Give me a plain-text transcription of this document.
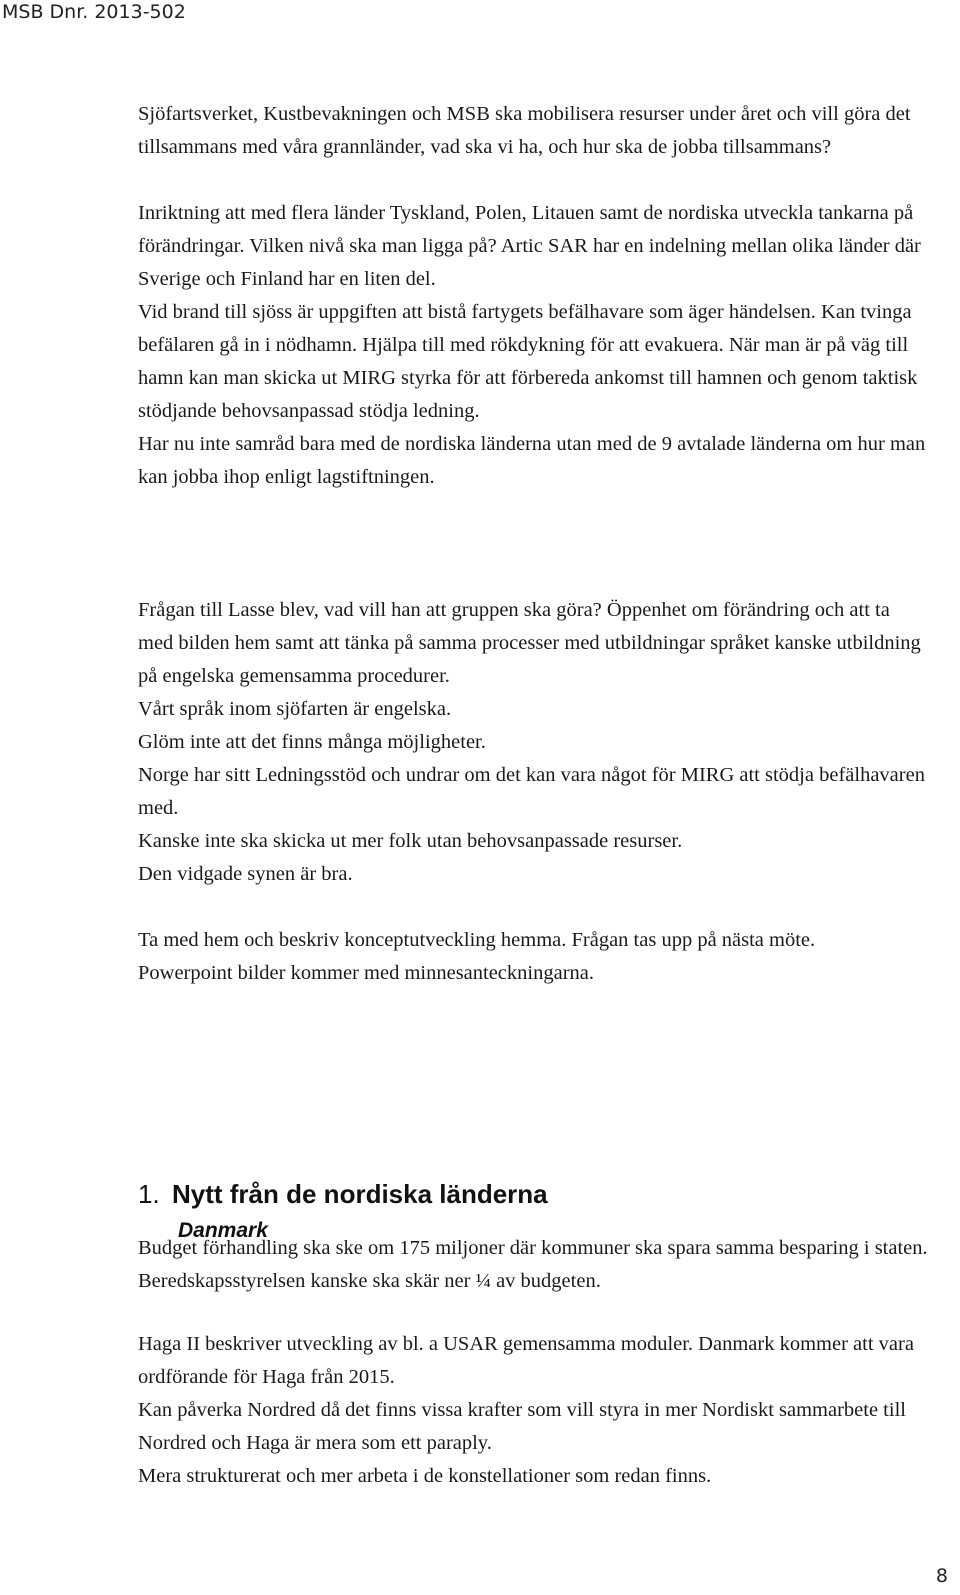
MSB Dnr. 2013-502

Sjöfartsverket, Kustbevakningen och MSB ska mobilisera resurser under året och vill göra det tillsammans med våra grannländer, vad ska vi ha, och hur ska de jobba tillsammans?

Inriktning att med flera länder Tyskland, Polen, Litauen samt de nordiska utveckla tankarna på förändringar. Vilken nivå ska man ligga på? Artic SAR har en indelning mellan olika länder där Sverige och Finland har en liten del.

Vid brand till sjöss är uppgiften att bistå fartygets befälhavare som äger händelsen. Kan tvinga befälaren gå in i nödhamn. Hjälpa till med rökdykning för att evakuera. När man är på väg till hamn kan man skicka ut MIRG styrka för att förbereda ankomst till hamnen och genom taktisk stödjande behovsanpassad stödja ledning.

Har nu inte samråd bara med de nordiska länderna utan med de 9 avtalade länderna om hur man kan jobba ihop enligt lagstiftningen.

Frågan till Lasse blev, vad vill han att gruppen ska göra? Öppenhet om förändring och att ta med bilden hem samt att tänka på samma processer med utbildningar språket kanske utbildning på engelska gemensamma procedurer.

Vårt språk inom sjöfarten är engelska.

Glöm inte att det finns många möjligheter.

Norge har sitt Ledningsstöd och undrar om det kan vara något för MIRG att stödja befälhavaren med.

Kanske inte ska skicka ut mer folk utan behovsanpassade resurser.

Den vidgade synen är bra.

Ta med hem och beskriv konceptutveckling hemma. Frågan tas upp på nästa möte.

Powerpoint bilder kommer med minnesanteckningarna.

1. Nytt från de nordiska länderna
Danmark

Budget förhandling ska ske om 175 miljoner där kommuner ska spara samma besparing i staten. Beredskapsstyrelsen kanske ska skär ner ¼ av budgeten.

Haga II beskriver utveckling av bl. a USAR gemensamma moduler. Danmark kommer att vara ordförande för Haga från 2015.

Kan påverka Nordred då det finns vissa krafter som vill styra in mer Nordiskt sammarbete till Nordred och Haga är mera som ett paraply.

Mera strukturerat och mer arbeta i de konstellationer som redan finns.

8
